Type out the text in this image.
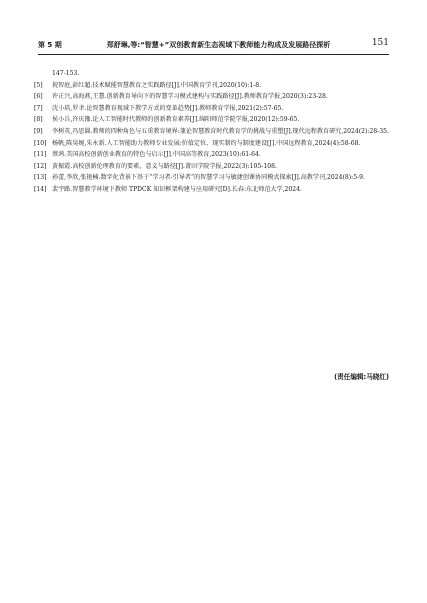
第 5 期	郑舒琳,等:“智慧+”双创教育新生态视域下教师能力构成及发展路径探析	151
147-153.
[5]	祝智庭,彭红超.技术赋能智慧教育之实践路径[J].中国教育学刊,2020(10):1-8.
[6]	许正兴,高海燕,王慧.创新教育导向下的智慧学习模式建构与实践路径[J].教师教育学报,2020(3):23-28.
[7]	沈小培,罗聿.论智慧教育视域下教学方式的变革趋势[J].教师教育学报,2021(2):57-65.
[8]	侯小兵,许庆豫.论人工智能时代教师的创新教育素养[J].绵阳师范学院学报,2020(12):59-65.
[9]	李树英,冯思圆.教师的四种角色与五重教育境界:兼论智慧教育时代教育学的挑战与重塑[J].现代远程教育研究,2024(2):28-35.
[10] 杨帆,陈昊婉,朱永新.人工智能助力教师专业发展:价值定位、现实制约与制度建设[J].中国远程教育,2024(4):58-68.
[11] 蔡鸿.美国高校创新创业教育的特色与启示[J].中国高等教育,2023(10):61-64.
[12] 黄振霞.高校创新伦理教育的要素、意义与路径[J].莆田学院学报,2022(3):105-108.
[13] 孙蕾,李欣,张艳楠.数字化背景下基于“学习者-引导者”的智慧学习与敏捷创课协同模式探索[J].高教学刊,2024(8):5-9.
[14] 裴宇路.智慧教学环境下教师 TPDCK 知识框架构建与应用研究[D].长春:东北师范大学,2024.
(责任编辑:马晓红)
